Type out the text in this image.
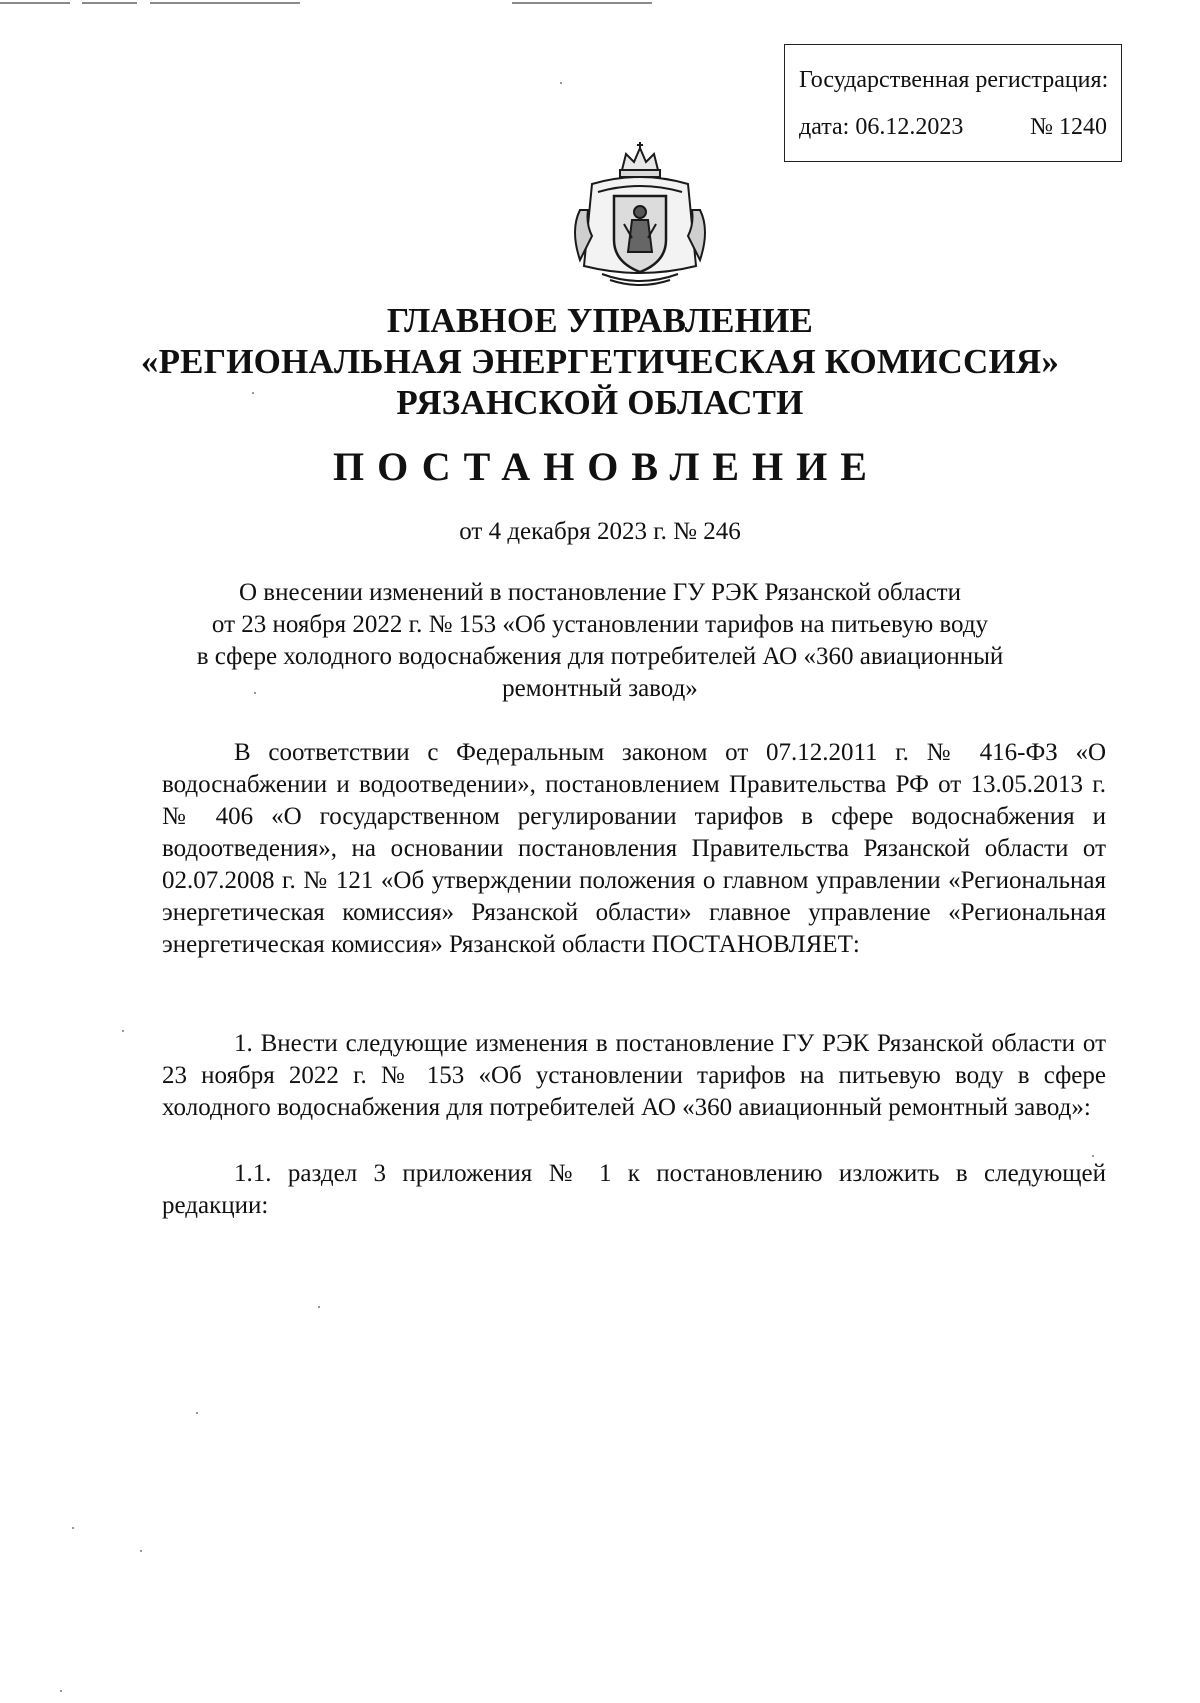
Государственная регистрация:
дата: 06.12.2023	№ 1240
ГЛАВНОЕ УПРАВЛЕНИЕ
«РЕГИОНАЛЬНАЯ ЭНЕРГЕТИЧЕСКАЯ КОМИССИЯ»
РЯЗАНСКОЙ ОБЛАСТИ
ПОСТАНОВЛЕНИЕ
от 4 декабря 2023 г. № 246
О внесении изменений в постановление ГУ РЭК Рязанской области
от 23 ноября 2022 г. № 153 «Об установлении тарифов на питьевую воду
в сфере холодного водоснабжения для потребителей АО «360 авиационный
ремонтный завод»
В соответствии с Федеральным законом от 07.12.2011 г. № 416-ФЗ «О водоснабжении и водоотведении», постановлением Правительства РФ от 13.05.2013 г. № 406 «О государственном регулировании тарифов в сфере водоснабжения и водоотведения», на основании постановления Правительства Рязанской области от 02.07.2008 г. № 121 «Об утверждении положения о главном управлении «Региональная энергетическая комиссия» Рязанской области» главное управление «Региональная энергетическая комиссия» Рязанской области ПОСТАНОВЛЯЕТ:
1. Внести следующие изменения в постановление ГУ РЭК Рязанской области от 23 ноября 2022 г. № 153 «Об установлении тарифов на питьевую воду в сфере холодного водоснабжения для потребителей АО «360 авиационный ремонтный завод»:
1.1. раздел 3 приложения № 1 к постановлению изложить в следующей редакции:
